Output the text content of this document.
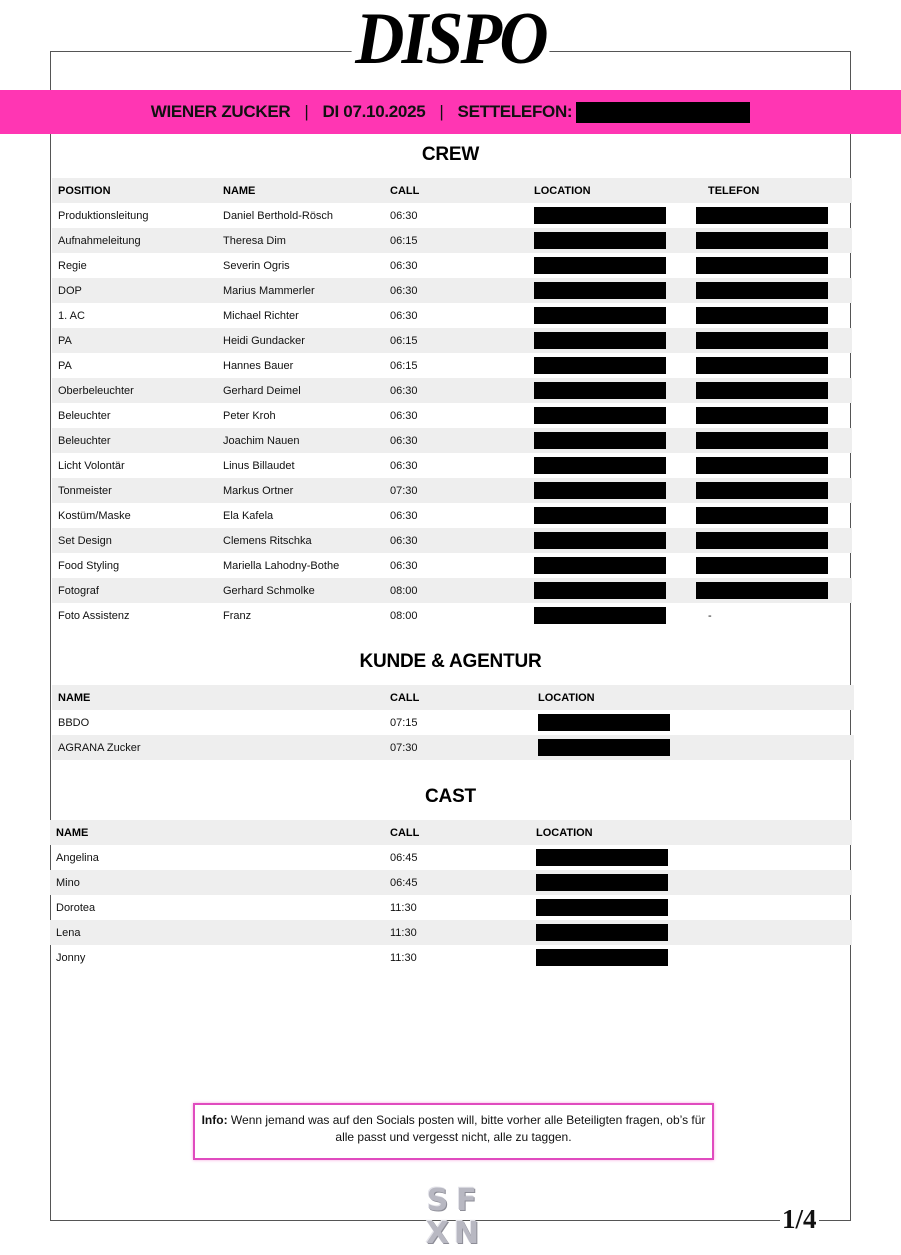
DISPO
WIENER ZUCKER | DI 07.10.2025 | SETTELEFON:
CREW
POSITION	NAME	CALL	LOCATION	TELEFON
Produktionsleitung	Daniel Berthold-Rösch	06:30		
Aufnahmeleitung	Theresa Dim	06:15		
Regie	Severin Ogris	06:30		
DOP	Marius Mammerler	06:30		
1. AC	Michael Richter	06:30		
PA	Heidi Gundacker	06:15		
PA	Hannes Bauer	06:15		
Oberbeleuchter	Gerhard Deimel	06:30		
Beleuchter	Peter Kroh	06:30		
Beleuchter	Joachim Nauen	06:30		
Licht Volontär	Linus Billaudet	06:30		
Tonmeister	Markus Ortner	07:30		
Kostüm/Maske	Ela Kafela	06:30		
Set Design	Clemens Ritschka	06:30		
Food Styling	Mariella Lahodny-Bothe	06:30		
Fotograf	Gerhard Schmolke	08:00		
Foto Assistenz	Franz	08:00		-
KUNDE & AGENTUR
NAME	CALL	LOCATION
BBDO	07:15	
AGRANA Zucker	07:30	
CAST
NAME	CALL	LOCATION
Angelina	06:45	
Mino	06:45	
Dorotea	11:30	
Lena	11:30	
Jonny	11:30	
Info: Wenn jemand was auf den Socials posten will, bitte vorher alle Beteiligten fragen, ob’s für alle passt und vergesst nicht, alle zu taggen.
S F
X N	1/4
